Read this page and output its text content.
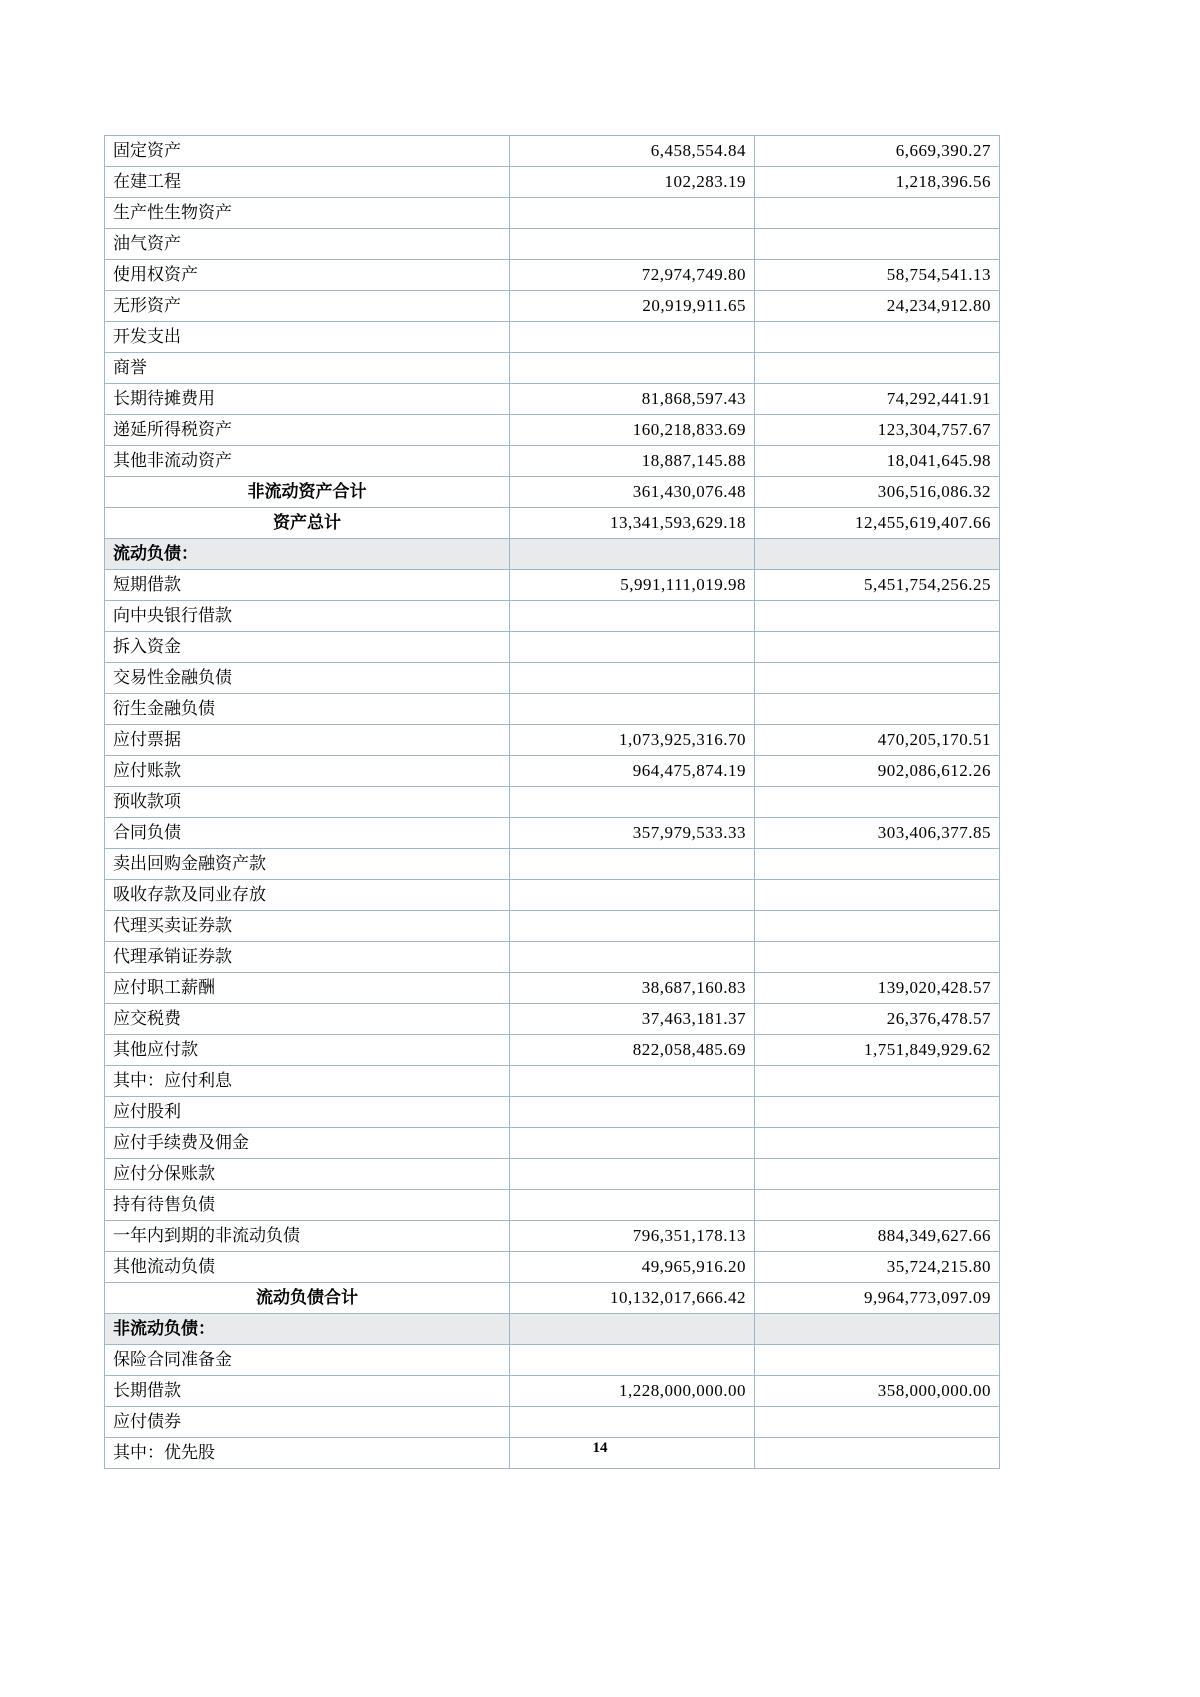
固定资产	6,458,554.84	6,669,390.27
在建工程	102,283.19	1,218,396.56
生产性生物资产		
油气资产		
使用权资产	72,974,749.80	58,754,541.13
无形资产	20,919,911.65	24,234,912.80
开发支出		
商誉		
长期待摊费用	81,868,597.43	74,292,441.91
递延所得税资产	160,218,833.69	123,304,757.67
其他非流动资产	18,887,145.88	18,041,645.98
非流动资产合计	361,430,076.48	306,516,086.32
资产总计	13,341,593,629.18	12,455,619,407.66
流动负债：		
短期借款	5,991,111,019.98	5,451,754,256.25
向中央银行借款		
拆入资金		
交易性金融负债		
衍生金融负债		
应付票据	1,073,925,316.70	470,205,170.51
应付账款	964,475,874.19	902,086,612.26
预收款项		
合同负债	357,979,533.33	303,406,377.85
卖出回购金融资产款		
吸收存款及同业存放		
代理买卖证券款		
代理承销证券款		
应付职工薪酬	38,687,160.83	139,020,428.57
应交税费	37,463,181.37	26,376,478.57
其他应付款	822,058,485.69	1,751,849,929.62
其中：应付利息		
应付股利		
应付手续费及佣金		
应付分保账款		
持有待售负债		
一年内到期的非流动负债	796,351,178.13	884,349,627.66
其他流动负债	49,965,916.20	35,724,215.80
流动负债合计	10,132,017,666.42	9,964,773,097.09
非流动负债：		
保险合同准备金		
长期借款	1,228,000,000.00	358,000,000.00
应付债券		
其中：优先股			14
